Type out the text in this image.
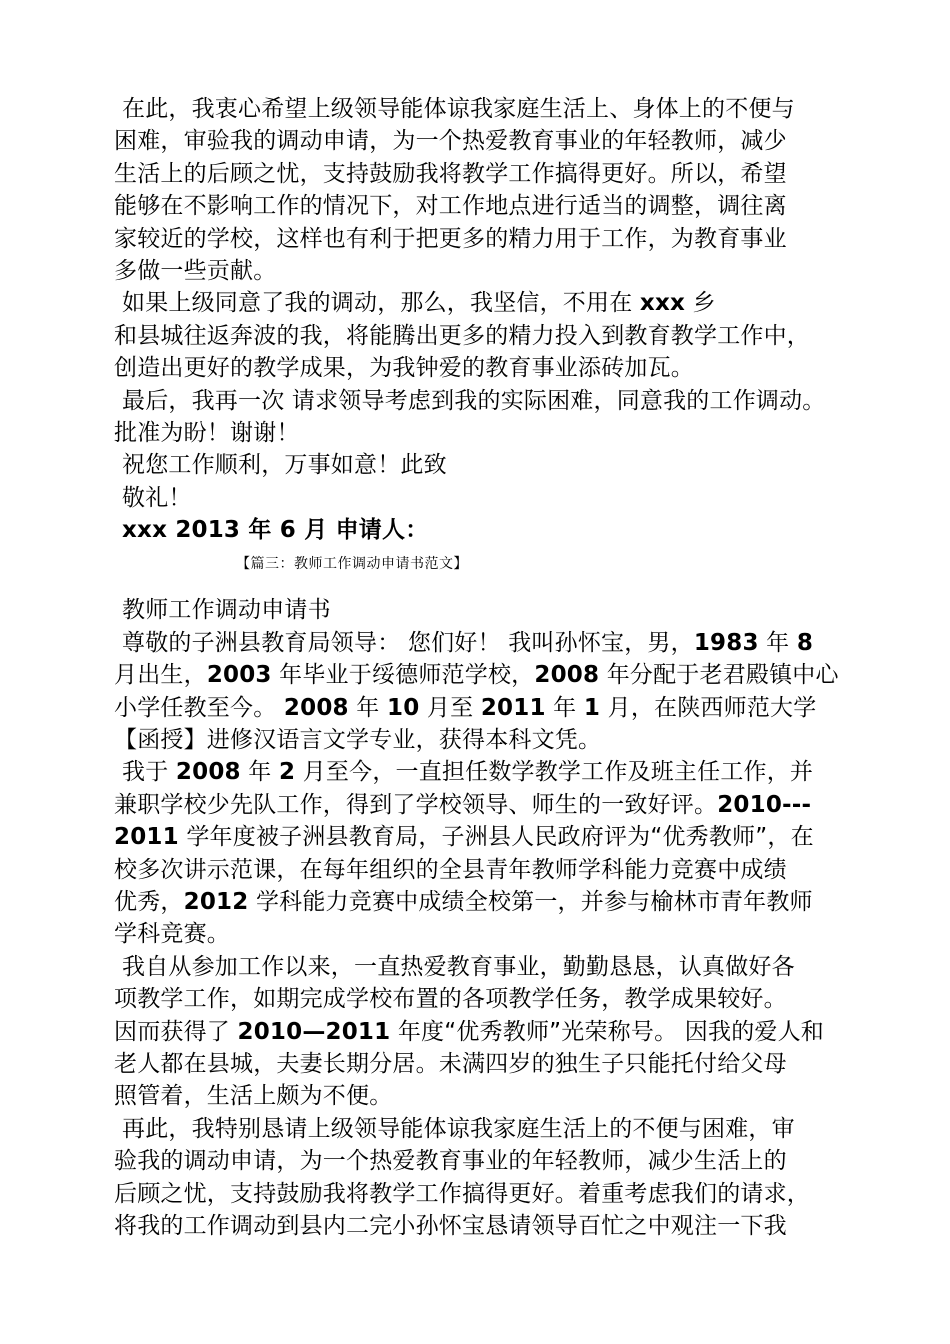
在此，我衷心希望上级领导能体谅我家庭生活上、身体上的不便与
困难，审验我的调动申请，为一个热爱教育事业的年轻教师，减少
生活上的后顾之忧，支持鼓励我将教学工作搞得更好。所以，希望
能够在不影响工作的情况下，对工作地点进行适当的调整，调往离
家较近的学校，这样也有利于把更多的精力用于工作，为教育事业
多做一些贡献。
如果上级同意了我的调动，那么，我坚信，不用在 xxx 乡
和县城往返奔波的我，将能腾出更多的精力投入到教育教学工作中，
创造出更好的教学成果，为我钟爱的教育事业添砖加瓦。
最后，我再一次 请求领导考虑到我的实际困难，同意我的工作调动。
批准为盼！谢谢！
祝您工作顺利，万事如意！此致
敬礼！
xxx 2013 年 6 月 申请人：
【篇三：教师工作调动申请书范文】
教师工作调动申请书
尊敬的子洲县教育局领导： 您们好！ 我叫孙怀宝，男，1983 年 8
月出生，2003 年毕业于绥德师范学校，2008 年分配于老君殿镇中心
小学任教至今。 2008 年 10 月至 2011 年 1 月，在陕西师范大学
【函授】进修汉语言文学专业，获得本科文凭。
我于 2008 年 2 月至今，一直担任数学教学工作及班主任工作，并
兼职学校少先队工作，得到了学校领导、师生的一致好评。2010---
2011 学年度被子洲县教育局，子洲县人民政府评为“优秀教师”，在
校多次讲示范课，在每年组织的全县青年教师学科能力竞赛中成绩
优秀，2012 学科能力竞赛中成绩全校第一，并参与榆林市青年教师
学科竞赛。
我自从参加工作以来，一直热爱教育事业，勤勤恳恳，认真做好各
项教学工作，如期完成学校布置的各项教学任务，教学成果较好。
因而获得了 2010—2011 年度“优秀教师”光荣称号。 因我的爱人和
老人都在县城，夫妻长期分居。未满四岁的独生子只能托付给父母
照管着，生活上颇为不便。
再此，我特别恳请上级领导能体谅我家庭生活上的不便与困难，审
验我的调动申请，为一个热爱教育事业的年轻教师，减少生活上的
后顾之忧，支持鼓励我将教学工作搞得更好。着重考虑我们的请求，
将我的工作调动到县内二完小孙怀宝恳请领导百忙之中观注一下我
